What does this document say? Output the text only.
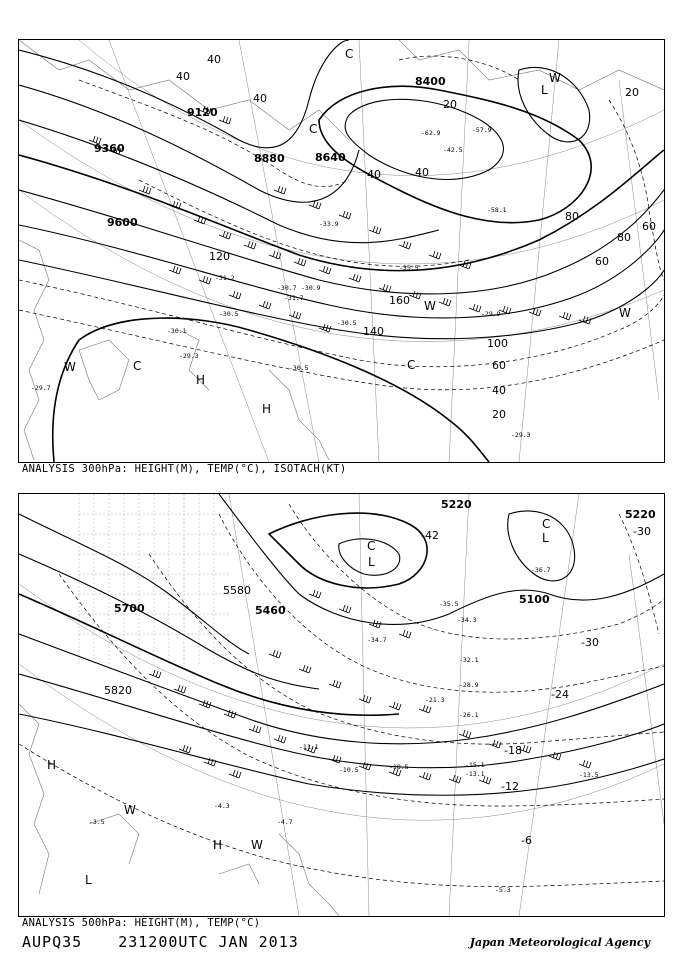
9120
9360
9600
8880	8640
8400
40
40
40	20
20
40	40
60
80
80
60
140
160
100
60
40
20
120
-31.2
-30.9
-33.9
-30.7
-31.7
-30.5	-29.9
-30.1
-29.3
-29.7
-30.5
-30.5
-29.3
-62.9	-57.9
-58.1
-42.5
-35.5
L
C
C
W	C
W
H
H
C
W
W
ANALYSIS 300hPa: HEIGHT(M), TEMP(°C), ISOTACH(KT)
5220
5220
5700	5460
5100
5820
5580
-42	-30
-30
-24
-18
-12
-6
-36.7
-35.5
-34.3
-34.7
-32.1
-28.9
-26.1
-21.3
-15.1
-13.1	-13.5
-18.5
-11.1
-10.5
-4.3
-4.7
-3.5
-5.3
L
C
C
L
H
W
H W
L
ANALYSIS 500hPa: HEIGHT(M), TEMP(°C)
AUPQ35 231200UTC JAN 2013	Japan Meteorological Agency
